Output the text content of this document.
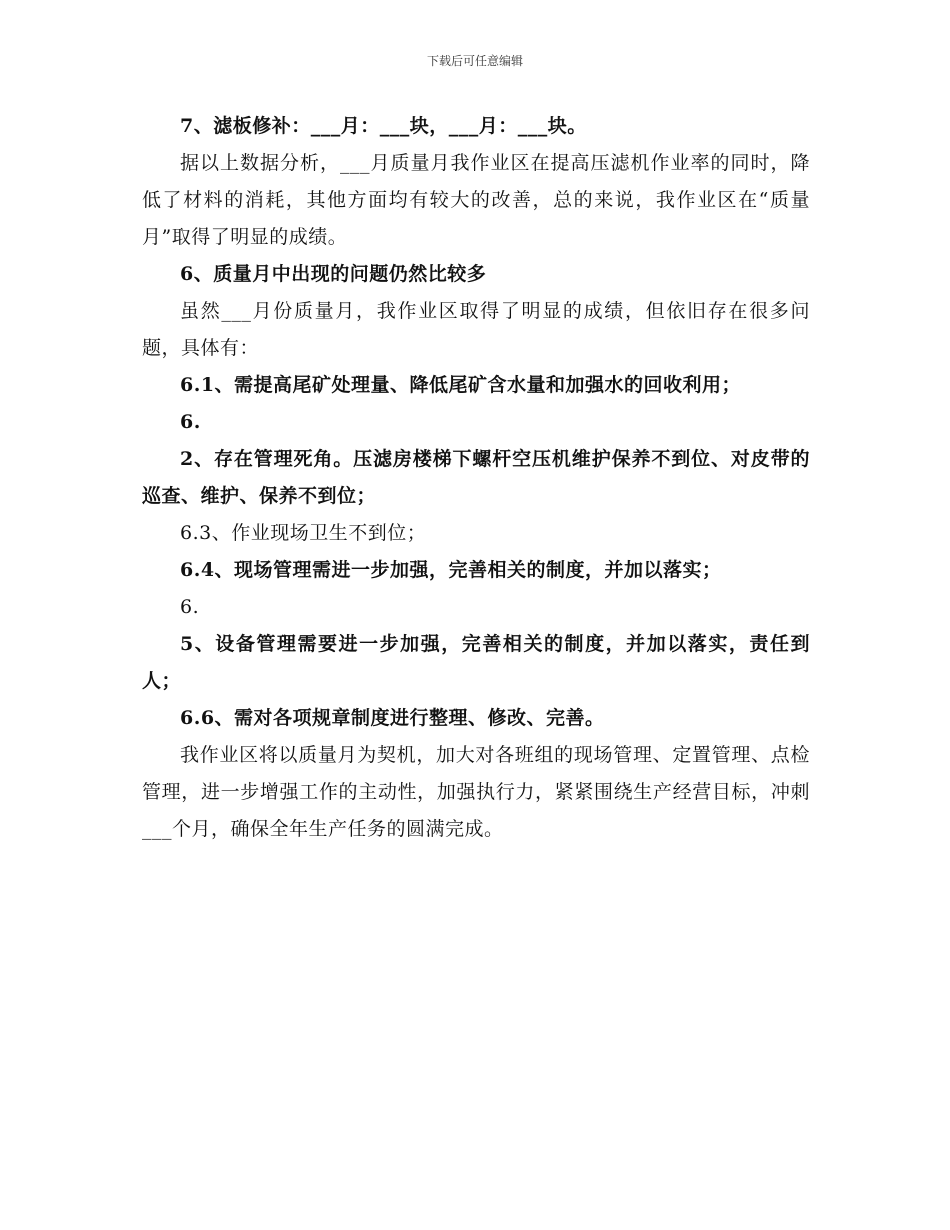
下载后可任意编辑

7、滤板修补：___月：___块，___月：___块。

据以上数据分析，___月质量月我作业区在提高压滤机作业率的同时，降低了材料的消耗，其他方面均有较大的改善，总的来说，我作业区在“质量月”取得了明显的成绩。

6、质量月中出现的问题仍然比较多

虽然___月份质量月，我作业区取得了明显的成绩，但依旧存在很多问题，具体有：

6.1、需提高尾矿处理量、降低尾矿含水量和加强水的回收利用；

6.

2、存在管理死角。压滤房楼梯下螺杆空压机维护保养不到位、对皮带的巡查、维护、保养不到位；

6.3、作业现场卫生不到位；

6.4、现场管理需进一步加强，完善相关的制度，并加以落实；

6.

5、设备管理需要进一步加强，完善相关的制度，并加以落实，责任到人；

6.6、需对各项规章制度进行整理、修改、完善。

我作业区将以质量月为契机，加大对各班组的现场管理、定置管理、点检管理，进一步增强工作的主动性，加强执行力，紧紧围绕生产经营目标，冲刺___个月，确保全年生产任务的圆满完成。
